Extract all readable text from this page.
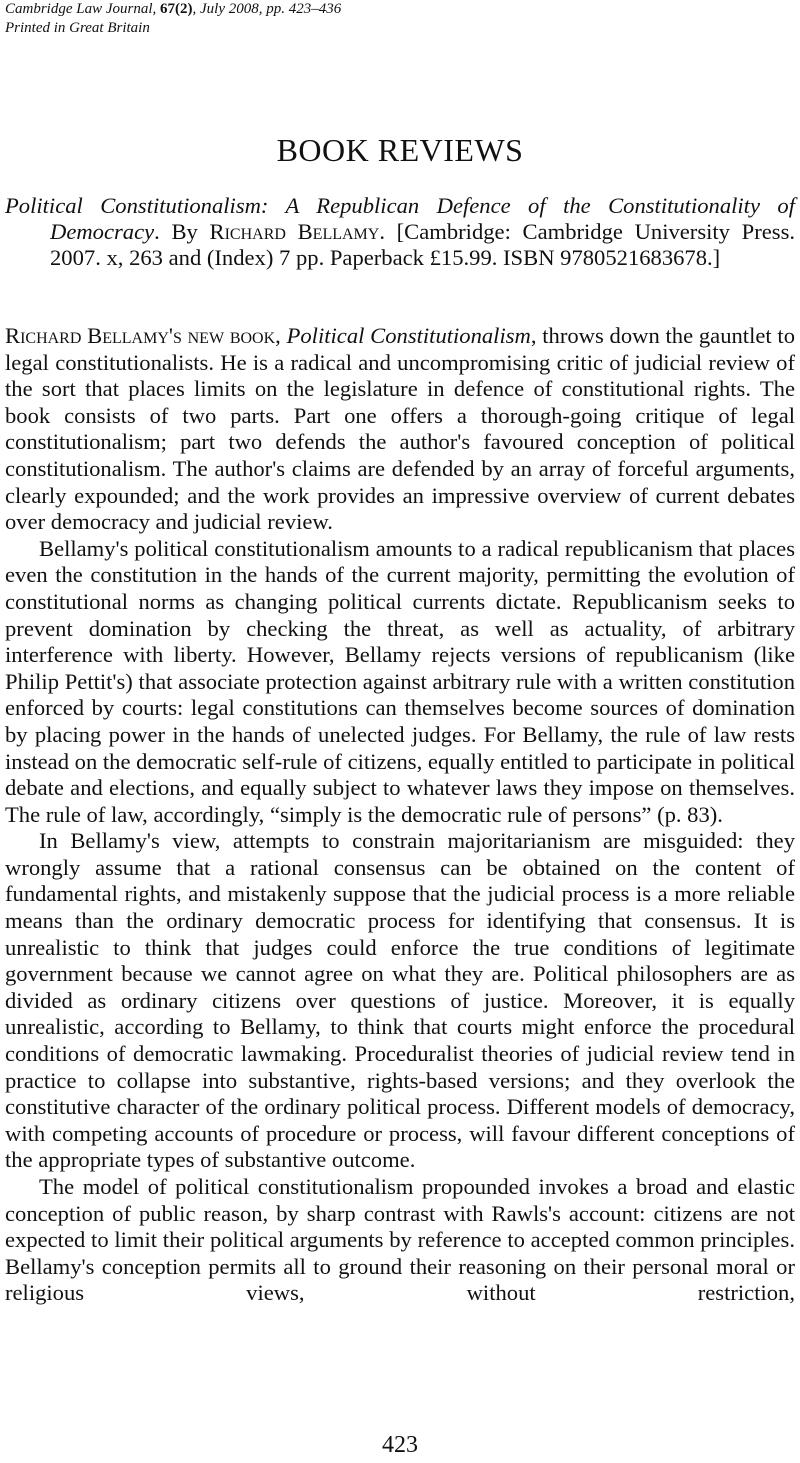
Cambridge Law Journal, 67(2), July 2008, pp. 423–436
Printed in Great Britain
BOOK REVIEWS
Political Constitutionalism: A Republican Defence of the Constitutionality of Democracy. By Richard Bellamy. [Cambridge: Cambridge University Press. 2007. x, 263 and (Index) 7 pp. Paperback £15.99. ISBN 9780521683678.]

Richard Bellamy's new book, Political Constitutionalism, throws down the gauntlet to legal constitutionalists. He is a radical and uncompromising critic of judicial review of the sort that places limits on the legislature in defence of constitutional rights. The book consists of two parts. Part one offers a thorough-going critique of legal constitutionalism; part two defends the author's favoured conception of political constitutionalism. The author's claims are defended by an array of forceful arguments, clearly expounded; and the work provides an impressive overview of current debates over democracy and judicial review.

Bellamy's political constitutionalism amounts to a radical republicanism that places even the constitution in the hands of the current majority, permitting the evolution of constitutional norms as changing political currents dictate. Republicanism seeks to prevent domination by checking the threat, as well as actuality, of arbitrary interference with liberty. However, Bellamy rejects versions of republicanism (like Philip Pettit's) that associate protection against arbitrary rule with a written constitution enforced by courts: legal constitutions can themselves become sources of domination by placing power in the hands of unelected judges. For Bellamy, the rule of law rests instead on the democratic self-rule of citizens, equally entitled to participate in political debate and elections, and equally subject to whatever laws they impose on themselves. The rule of law, accordingly, “simply is the democratic rule of persons” (p. 83).

In Bellamy's view, attempts to constrain majoritarianism are misguided: they wrongly assume that a rational consensus can be obtained on the content of fundamental rights, and mistakenly suppose that the judicial process is a more reliable means than the ordinary democratic process for identifying that consensus. It is unrealistic to think that judges could enforce the true conditions of legitimate government because we cannot agree on what they are. Political philosophers are as divided as ordinary citizens over questions of justice. Moreover, it is equally unrealistic, according to Bellamy, to think that courts might enforce the procedural conditions of democratic lawmaking. Proceduralist theories of judicial review tend in practice to collapse into substantive, rights-based versions; and they overlook the constitutive character of the ordinary political process. Different models of democracy, with competing accounts of procedure or process, will favour different conceptions of the appropriate types of substantive outcome.

The model of political constitutionalism propounded invokes a broad and elastic conception of public reason, by sharp contrast with Rawls's account: citizens are not expected to limit their political arguments by reference to accepted common principles. Bellamy's conception permits all to ground their reasoning on their personal moral or religious views, without restriction,

423
